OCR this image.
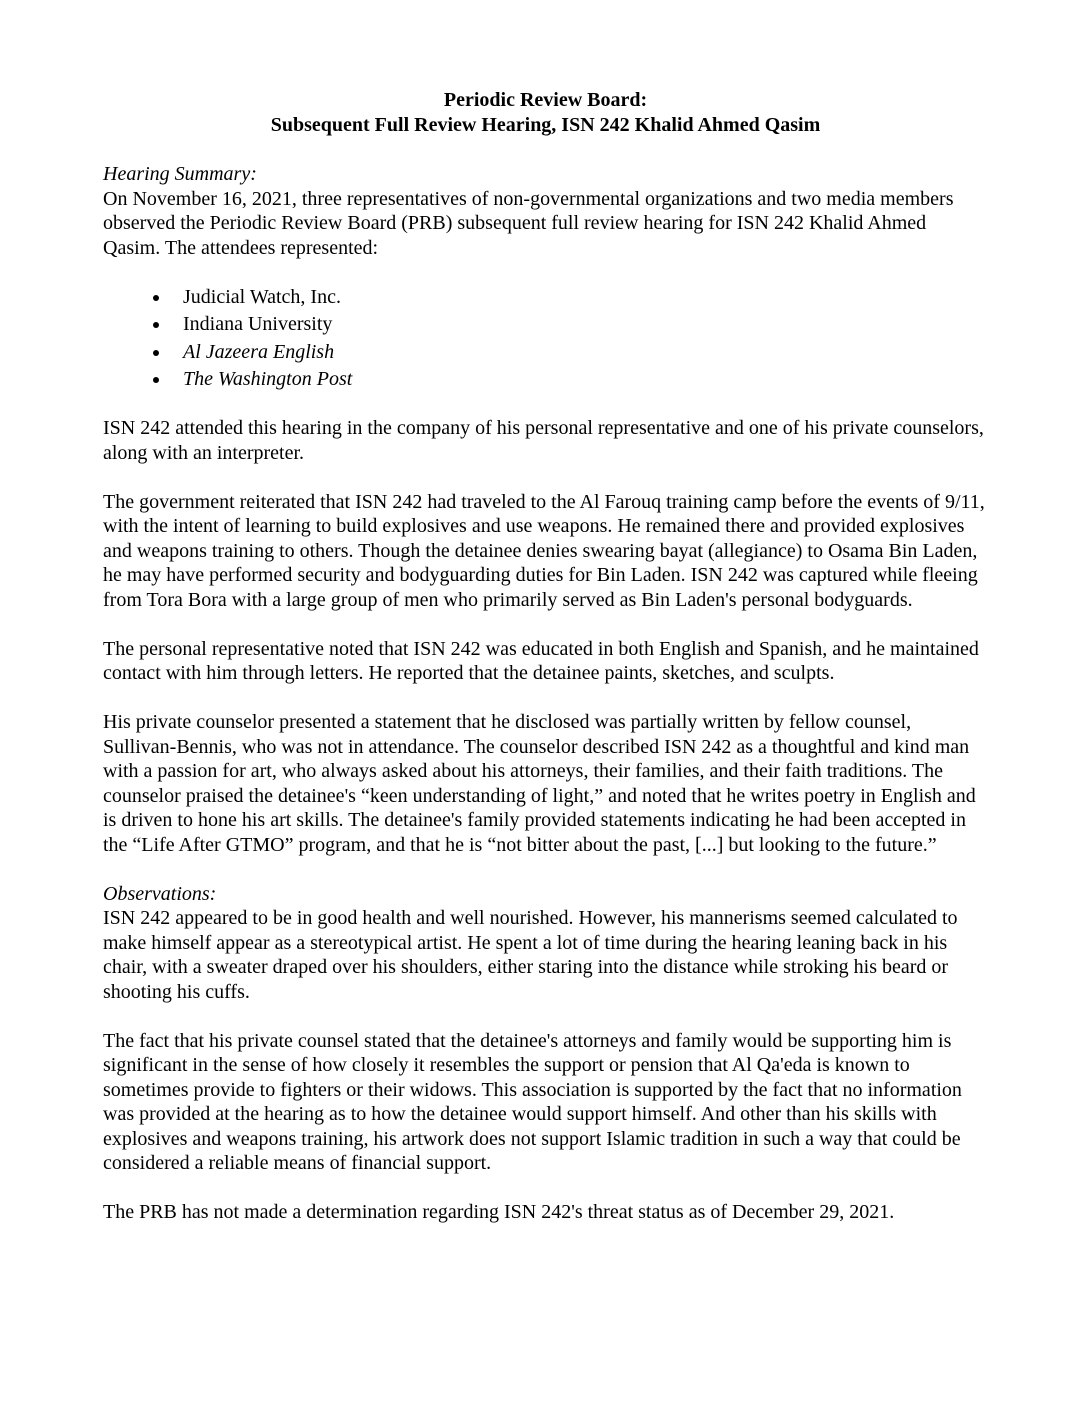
Periodic Review Board:
Subsequent Full Review Hearing, ISN 242 Khalid Ahmed Qasim

Hearing Summary:

On November 16, 2021, three representatives of non-governmental organizations and two media members observed the Periodic Review Board (PRB) subsequent full review hearing for ISN 242 Khalid Ahmed Qasim. The attendees represented:

• Judicial Watch, Inc.
• Indiana University
• Al Jazeera English
• The Washington Post

ISN 242 attended this hearing in the company of his personal representative and one of his private counselors, along with an interpreter.

The government reiterated that ISN 242 had traveled to the Al Farouq training camp before the events of 9/11, with the intent of learning to build explosives and use weapons. He remained there and provided explosives and weapons training to others. Though the detainee denies swearing bayat (allegiance) to Osama Bin Laden, he may have performed security and bodyguarding duties for Bin Laden. ISN 242 was captured while fleeing from Tora Bora with a large group of men who primarily served as Bin Laden's personal bodyguards.

The personal representative noted that ISN 242 was educated in both English and Spanish, and he maintained contact with him through letters. He reported that the detainee paints, sketches, and sculpts.

His private counselor presented a statement that he disclosed was partially written by fellow counsel, Sullivan-Bennis, who was not in attendance. The counselor described ISN 242 as a thoughtful and kind man with a passion for art, who always asked about his attorneys, their families, and their faith traditions. The counselor praised the detainee's “keen understanding of light,” and noted that he writes poetry in English and is driven to hone his art skills. The detainee's family provided statements indicating he had been accepted in the “Life After GTMO” program, and that he is “not bitter about the past, [...] but looking to the future.”

Observations:

ISN 242 appeared to be in good health and well nourished. However, his mannerisms seemed calculated to make himself appear as a stereotypical artist. He spent a lot of time during the hearing leaning back in his chair, with a sweater draped over his shoulders, either staring into the distance while stroking his beard or shooting his cuffs.

The fact that his private counsel stated that the detainee's attorneys and family would be supporting him is significant in the sense of how closely it resembles the support or pension that Al Qa'eda is known to sometimes provide to fighters or their widows. This association is supported by the fact that no information was provided at the hearing as to how the detainee would support himself. And other than his skills with explosives and weapons training, his artwork does not support Islamic tradition in such a way that could be considered a reliable means of financial support.

The PRB has not made a determination regarding ISN 242's threat status as of December 29, 2021.
